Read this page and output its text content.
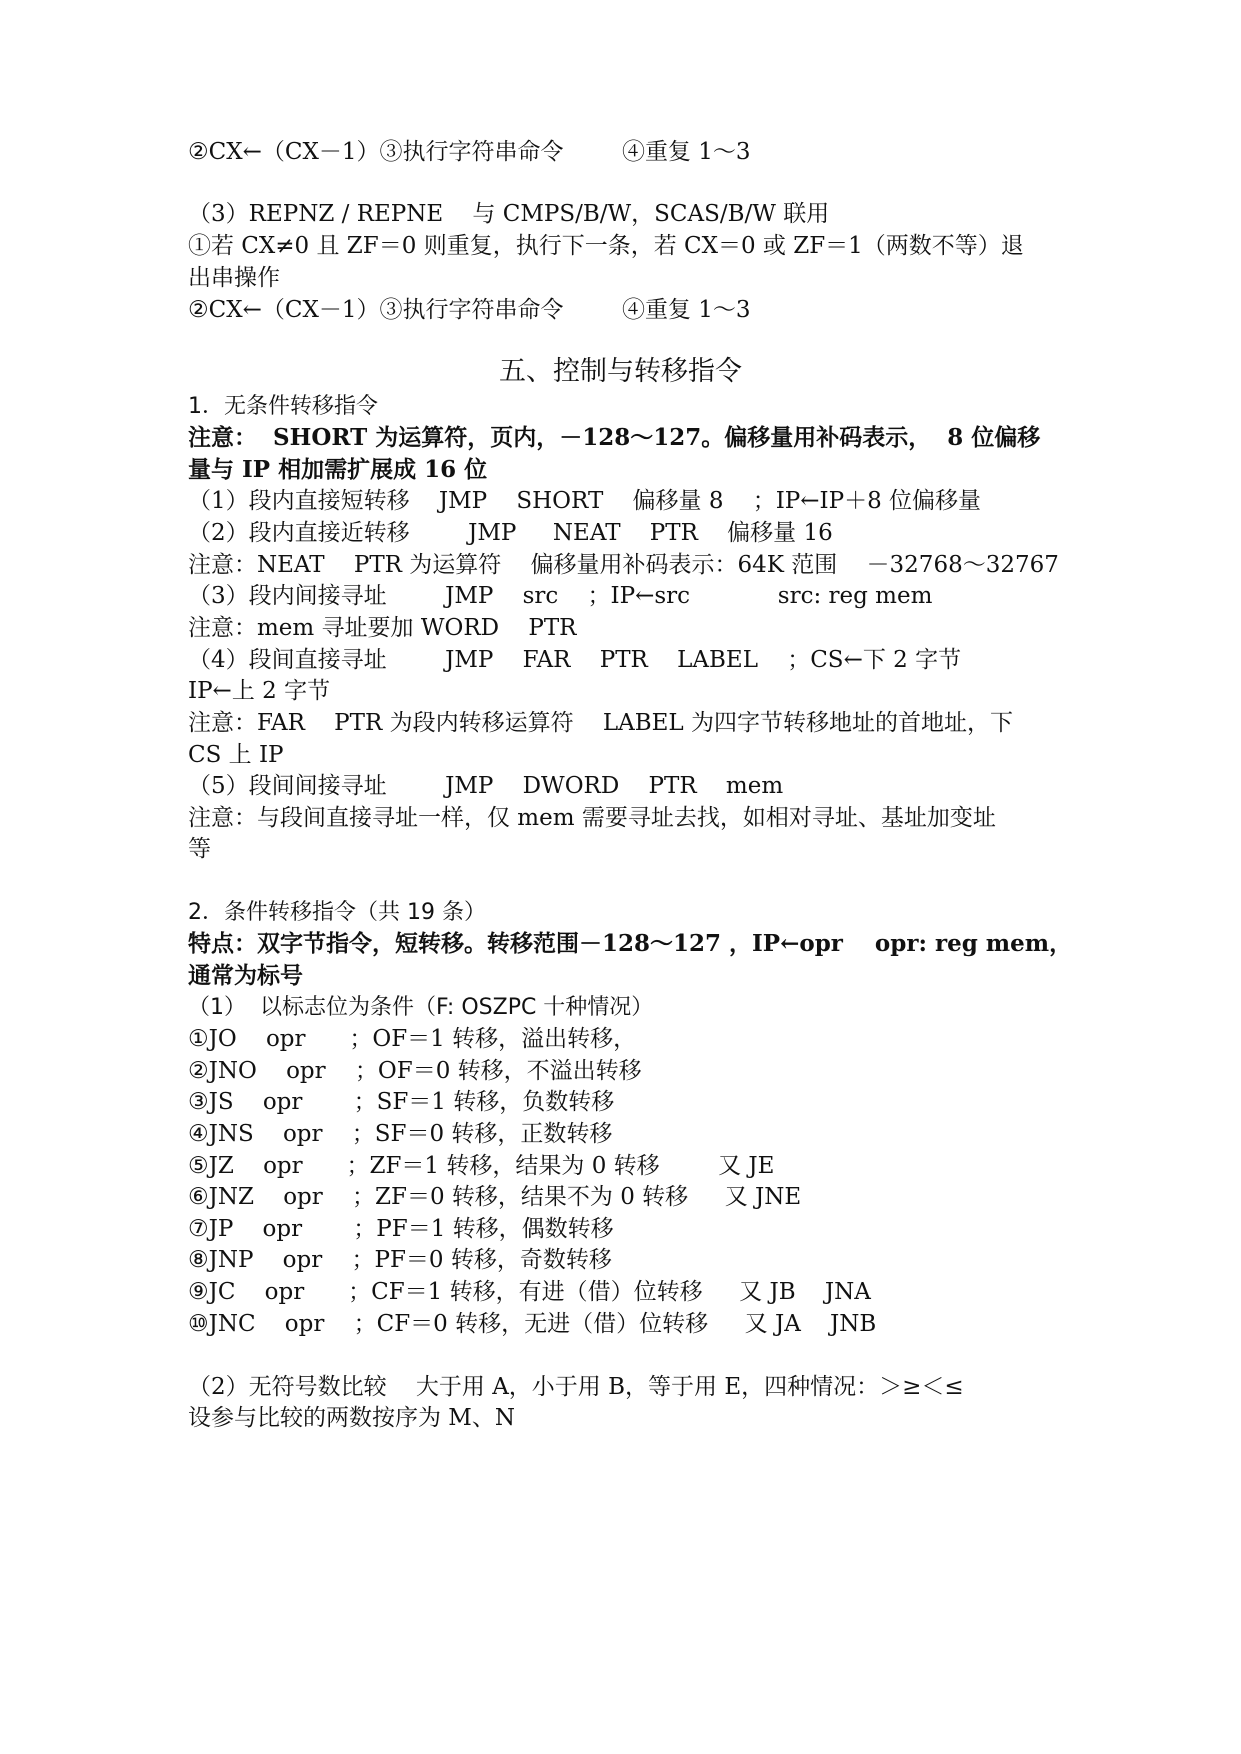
②CX←（CX－1）③执行字符串命令        ④重复 1～3
（3）REPNZ / REPNE    与 CMPS/B/W，SCAS/B/W 联用
①若 CX≠0 且 ZF＝0 则重复，执行下一条，若 CX＝0 或 ZF＝1（两数不等）退
出串操作
②CX←（CX－1）③执行字符串命令        ④重复 1～3
五、控制与转移指令
1．无条件转移指令
注意：  SHORT 为运算符，页内，－128～127。偏移量用补码表示，  8 位偏移
量与 IP 相加需扩展成 16 位
（1）段内直接短转移    JMP    SHORT    偏移量 8    ；IP←IP＋8 位偏移量
（2）段内直接近转移        JMP     NEAT    PTR    偏移量 16
注意：NEAT    PTR 为运算符    偏移量用补码表示：64K 范围    －32768～32767
（3）段内间接寻址        JMP    src    ；IP←src            src: reg mem
注意：mem 寻址要加 WORD    PTR
（4）段间直接寻址        JMP    FAR    PTR    LABEL    ；CS←下 2 字节
IP←上 2 字节
注意：FAR    PTR 为段内转移运算符    LABEL 为四字节转移地址的首地址，下
CS 上 IP
（5）段间间接寻址        JMP    DWORD    PTR    mem
注意：与段间直接寻址一样，仅 mem 需要寻址去找，如相对寻址、基址加变址
等
2．条件转移指令（共 19 条）
特点：双字节指令，短转移。转移范围－128～127 ，IP←opr    opr: reg mem，
通常为标号
（1）  以标志位为条件（F: OSZPC 十种情况）
①JO    opr      ；OF＝1 转移，溢出转移，
②JNO    opr    ；OF＝0 转移，不溢出转移
③JS    opr       ；SF＝1 转移，负数转移
④JNS    opr    ；SF＝0 转移，正数转移
⑤JZ    opr      ；ZF＝1 转移，结果为 0 转移        又 JE
⑥JNZ    opr    ；ZF＝0 转移，结果不为 0 转移     又 JNE
⑦JP    opr       ；PF＝1 转移，偶数转移
⑧JNP    opr    ；PF＝0 转移，奇数转移
⑨JC    opr      ；CF＝1 转移，有进（借）位转移     又 JB    JNA
⑩JNC    opr    ；CF＝0 转移，无进（借）位转移     又 JA    JNB
（2）无符号数比较    大于用 A，小于用 B，等于用 E，四种情况：＞≥＜≤
设参与比较的两数按序为 M、N
